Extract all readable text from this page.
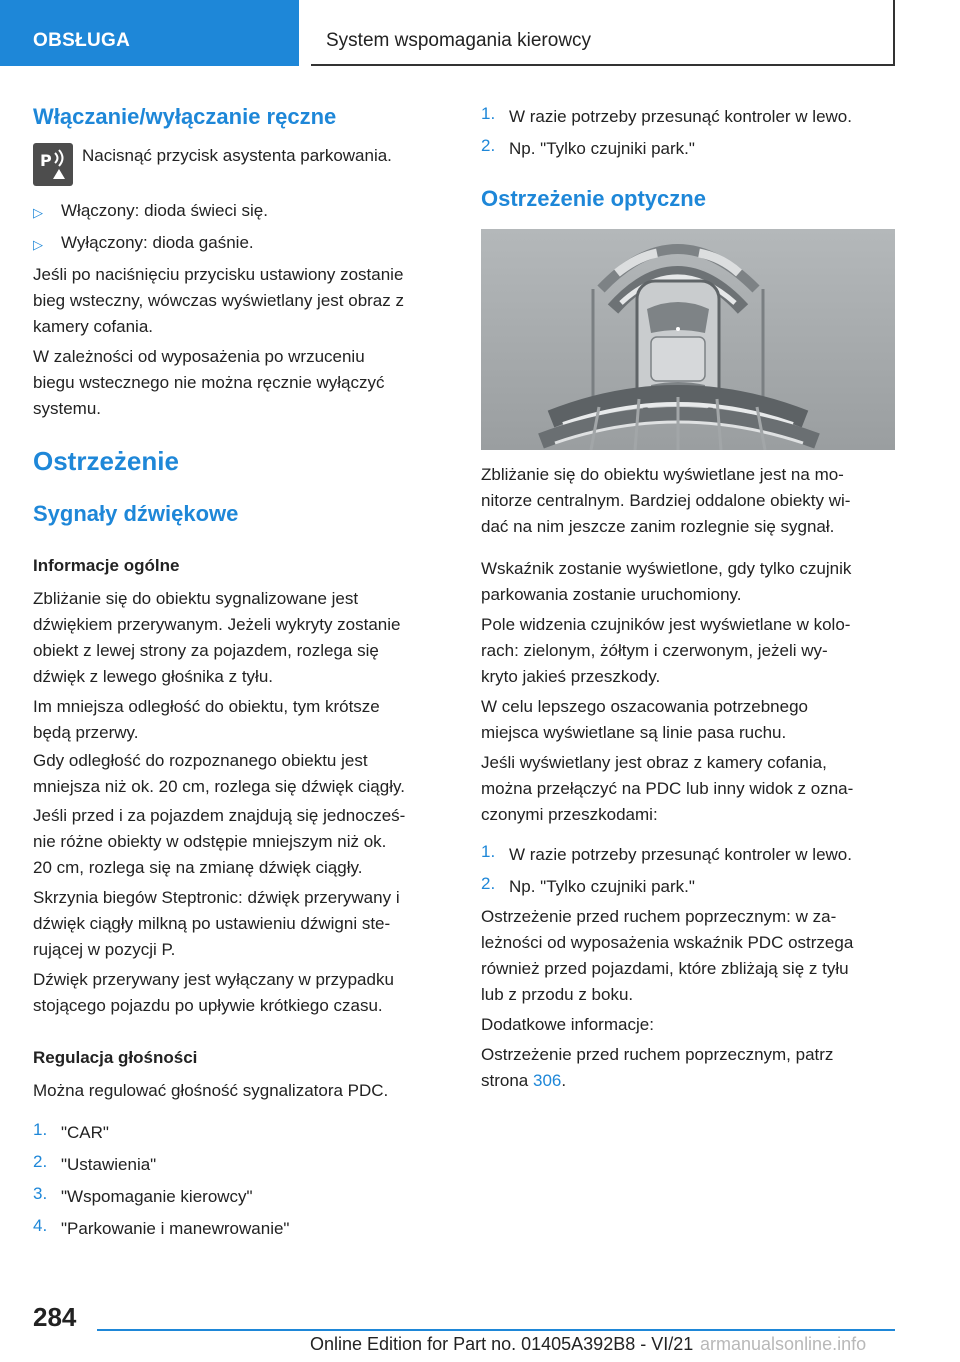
OBSŁUGA	System wspomagania kierowcy
Włączanie/wyłączanie ręczne
P Nacisnąć przycisk asystenta parkowania.

▷ Włączony: dioda świeci się.

▷ Wyłączony: dioda gaśnie.

Jeśli po naciśnięciu przycisku ustawiony zostanie

bieg wsteczny, wówczas wyświetlany jest obraz z

kamery cofania.

W zależności od wyposażenia po wrzuceniu

biegu wstecznego nie można ręcznie wyłączyć

systemu.

Ostrzeżenie
Sygnały dźwiękowe
Informacje ogólne

Zbliżanie się do obiektu sygnalizowane jest

dźwiękiem przerywanym. Jeżeli wykryty zostanie

obiekt z lewej strony za pojazdem, rozlega się

dźwięk z lewego głośnika z tyłu.

Im mniejsza odległość do obiektu, tym krótsze

będą przerwy.

Gdy odległość do rozpoznanego obiektu jest

mniejsza niż ok. 20 cm, rozlega się dźwięk ciągły.

Jeśli przed i za pojazdem znajdują się jednocześ-

nie różne obiekty w odstępie mniejszym niż ok.

20 cm, rozlega się na zmianę dźwięk ciągły.

Skrzynia biegów Steptronic: dźwięk przerywany i

dźwięk ciągły milkną po ustawieniu dźwigni ste-

rującej w pozycji P.

Dźwięk przerywany jest wyłączany w przypadku

stojącego pojazdu po upływie krótkiego czasu.

Regulacja głośności

Można regulować głośność sygnalizatora PDC.

1. "CAR"

2. "Ustawienia"

3. "Wspomaganie kierowcy"

4. "Parkowanie i manewrowanie"

1. W razie potrzeby przesunąć kontroler w lewo.

2. Np. "Tylko czujniki park."

Ostrzeżenie optyczne

Zbliżanie się do obiektu wyświetlane jest na mo-

nitorze centralnym. Bardziej oddalone obiekty wi-

dać na nim jeszcze zanim rozlegnie się sygnał.

Wskaźnik zostanie wyświetlone, gdy tylko czujnik

parkowania zostanie uruchomiony.

Pole widzenia czujników jest wyświetlane w kolo-

rach: zielonym, żółtym i czerwonym, jeżeli wy-

kryto jakieś przeszkody.

W celu lepszego oszacowania potrzebnego

miejsca wyświetlane są linie pasa ruchu.

Jeśli wyświetlany jest obraz z kamery cofania,

można przełączyć na PDC lub inny widok z ozna-

czonymi przeszkodami:

1.
2.

Ostrzeżenie przed ruchem poprzecznym: w za-

leżności od wyposażenia wskaźnik PDC ostrzega

również przed pojazdami, które zbliżają się z tyłu

lub z przodu z boku.

Dodatkowe informacje:

Ostrzeżenie przed ruchem poprzecznym, patrz

strona 306.

284
Online Edition for Part no. 01405A392B8 - VI/21 armanualsonline.info

W razie potrzeby przesunąć kontroler w lewo.

Np. "Tylko czujniki park."
